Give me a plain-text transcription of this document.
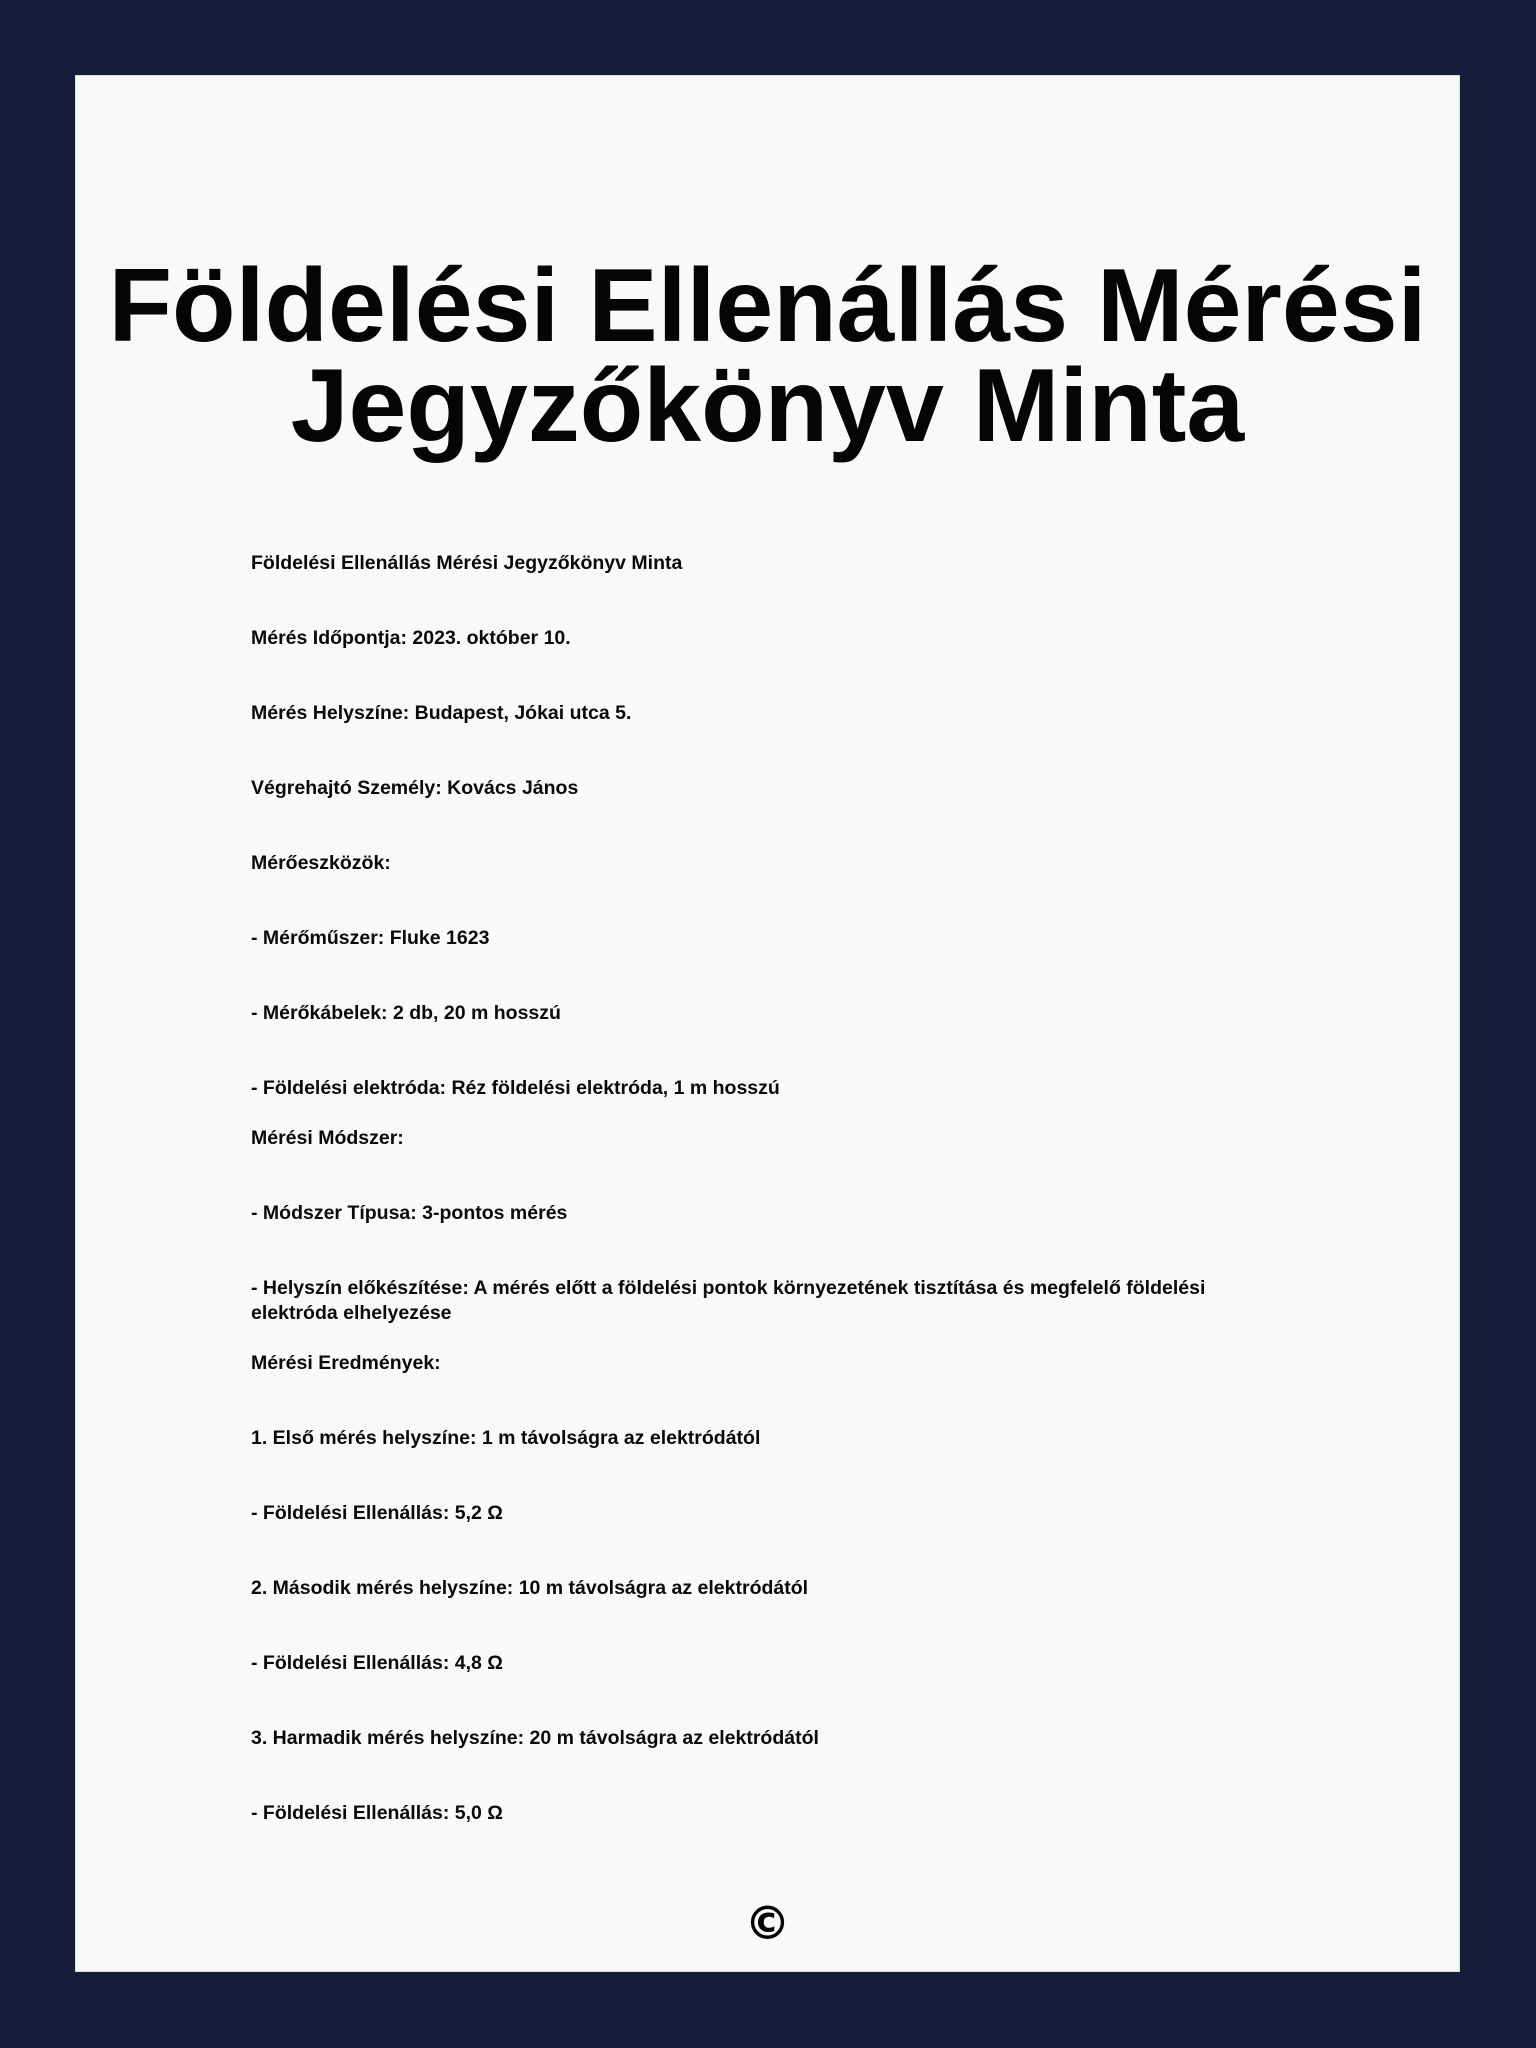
Földelési Ellenállás Mérési Jegyzőkönyv Minta

Földelési Ellenállás Mérési Jegyzőkönyv Minta

Mérés Időpontja: 2023. október 10.

Mérés Helyszíne: Budapest, Jókai utca 5.

Végrehajtó Személy: Kovács János

Mérőeszközök:

- Mérőműszer: Fluke 1623

- Mérőkábelek: 2 db, 20 m hosszú

- Földelési elektróda: Réz földelési elektróda, 1 m hosszú

Mérési Módszer:

- Módszer Típusa: 3-pontos mérés

- Helyszín előkészítése: A mérés előtt a földelési pontok környezetének tisztítása és megfelelő földelési elektróda elhelyezése

Mérési Eredmények:

1. Első mérés helyszíne: 1 m távolságra az elektródától

- Földelési Ellenállás: 5,2 Ω

2. Második mérés helyszíne: 10 m távolságra az elektródától

- Földelési Ellenállás: 4,8 Ω

3. Harmadik mérés helyszíne: 20 m távolságra az elektródától

- Földelési Ellenállás: 5,0 Ω

©
